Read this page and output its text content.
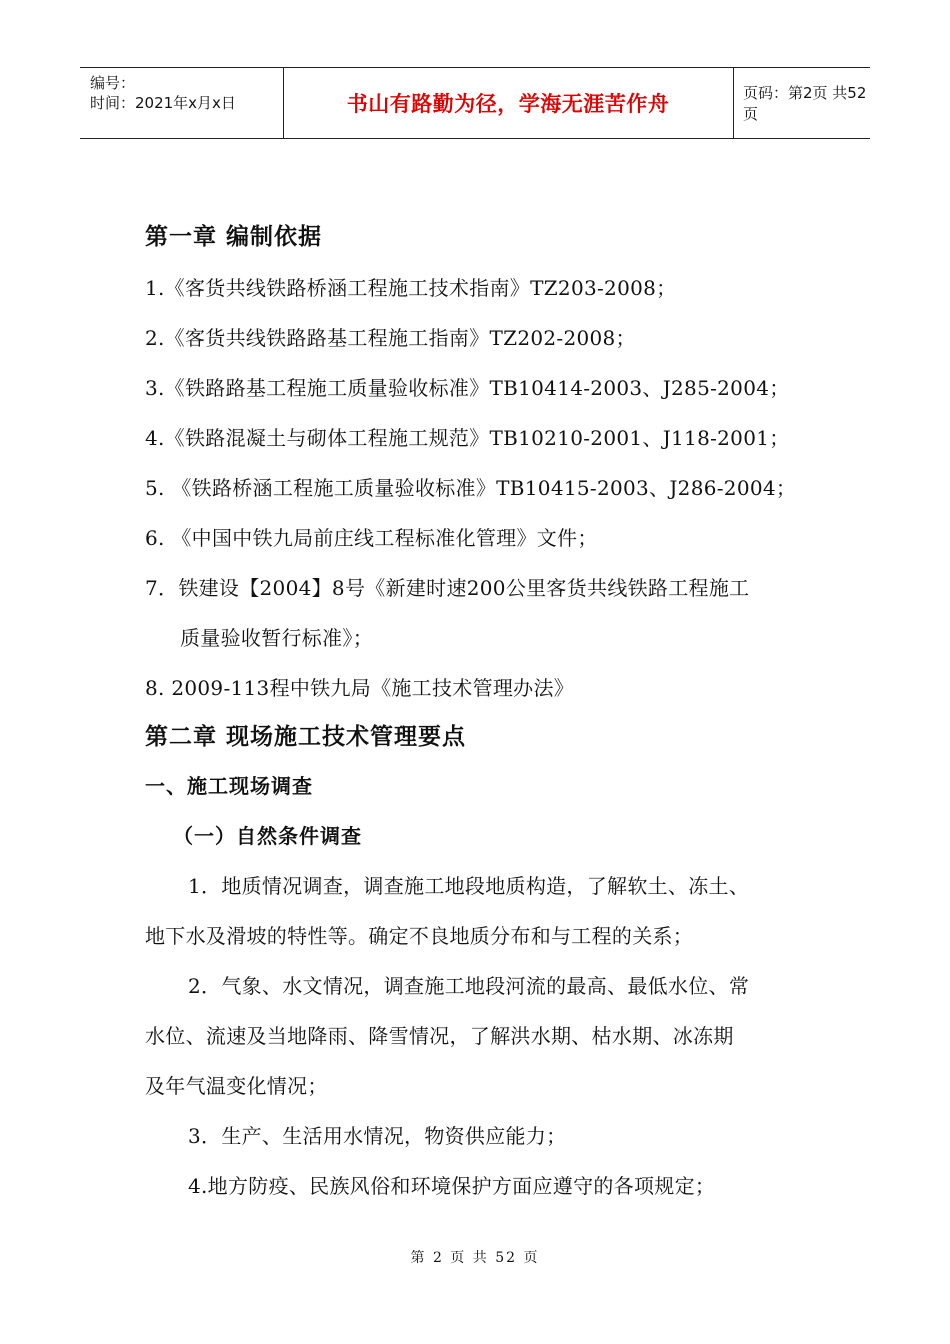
编号：
时间：2021年x月x日	书山有路勤为径，学海无涯苦作舟	页码：第2页 共52页
第一章 编制依据
1.《客货共线铁路桥涵工程施工技术指南》TZ203-2008；
2.《客货共线铁路路基工程施工指南》TZ202-2008；
3.《铁路路基工程施工质量验收标准》TB10414-2003、J285-2004；
4.《铁路混凝土与砌体工程施工规范》TB10210-2001、J118-2001；
5. 《铁路桥涵工程施工质量验收标准》TB10415-2003、J286-2004；
6. 《中国中铁九局前庄线工程标准化管理》文件；
7．铁建设【2004】8号《新建时速200公里客货共线铁路工程施工
质量验收暂行标准》；
8. 2009-113程中铁九局《施工技术管理办法》
第二章 现场施工技术管理要点
一、施工现场调查
（一）自然条件调查
1．地质情况调查，调查施工地段地质构造，了解软土、冻土、
地下水及滑坡的特性等。确定不良地质分布和与工程的关系；
2．气象、水文情况，调查施工地段河流的最高、最低水位、常
水位、流速及当地降雨、降雪情况，了解洪水期、枯水期、冰冻期
及年气温变化情况；
3．生产、生活用水情况，物资供应能力；
4.地方防疫、民族风俗和环境保护方面应遵守的各项规定；
第 2 页 共 52 页
